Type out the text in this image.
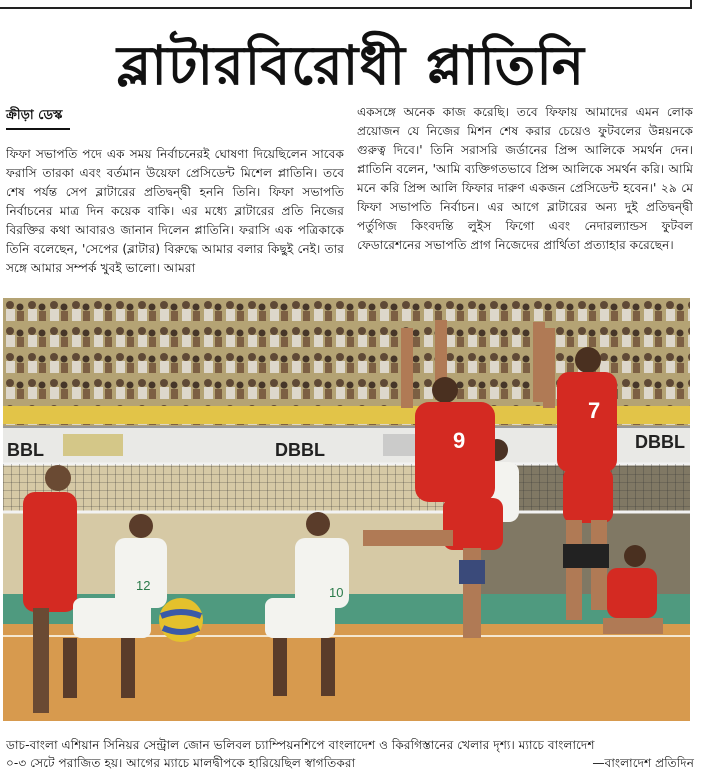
ব্লাটারবিরোধী প্লাতিনি
ক্রীড়া ডেস্ক

ফিফা সভাপতি পদে এক সময় নির্বাচনেরই ঘোষণা দিয়েছিলেন সাবেক ফরাসি তারকা এবং বর্তমান উয়েফা প্রেসিডেন্ট মিশেল প্লাতিনি। তবে শেষ পর্যন্ত সেপ ব্লাটারের প্রতিদ্বন্দ্বী হননি তিনি। ফিফা সভাপতি নির্বাচনের মাত্র দিন কয়েক বাকি। এর মধ্যে ব্লাটারের প্রতি নিজের বিরক্তির কথা আবারও জানান দিলেন প্লাতিনি। ফরাসি এক পত্রিকাকে তিনি বলেছেন, 'সেপের (ব্লাটার) বিরুদ্ধে আমার বলার কিছুই নেই। তার সঙ্গে আমার সম্পর্ক খুবই ভালো। আমরা

একসঙ্গে অনেক কাজ করেছি। তবে ফিফায় আমাদের এমন লোক প্রয়োজন যে নিজের মিশন শেষ করার চেয়েও ফুটবলের উন্নয়নকে গুরুত্ব দিবে।' তিনি সরাসরি জর্ডানের প্রিন্স আলিকে সমর্থন দেন। প্লাতিনি বলেন, 'আমি ব্যক্তিগতভাবে প্রিন্স আলিকে সমর্থন করি। আমি মনে করি প্রিন্স আলি ফিফার দারুণ একজন প্রেসিডেন্ট হবেন।' ২৯ মে ফিফা সভাপতি নির্বাচন। এর আগে ব্লাটারের অন্য দুই প্রতিদ্বন্দ্বী পর্তুগিজ কিংবদন্তি লুইস ফিগো এবং নেদারল্যান্ডস ফুটবল ফেডারেশনের সভাপতি প্রাগ নিজেদের প্রার্থিতা প্রত্যাহার করেছেন।

BBL	DBBL	DBBL
12	10
9
7
ডাচ-বাংলা এশিয়ান সিনিয়র সেন্ট্রাল জোন ভলিবল চ্যাম্পিয়নশিপে বাংলাদেশ ও কিরগিস্তানের খেলার দৃশ্য। ম্যাচে বাংলাদেশ
০-৩ সেটে পরাজিত হয়। আগের ম্যাচে মালদ্বীপকে হারিয়েছিল স্বাগতিকরা	—বাংলাদেশ প্রতিদিন
